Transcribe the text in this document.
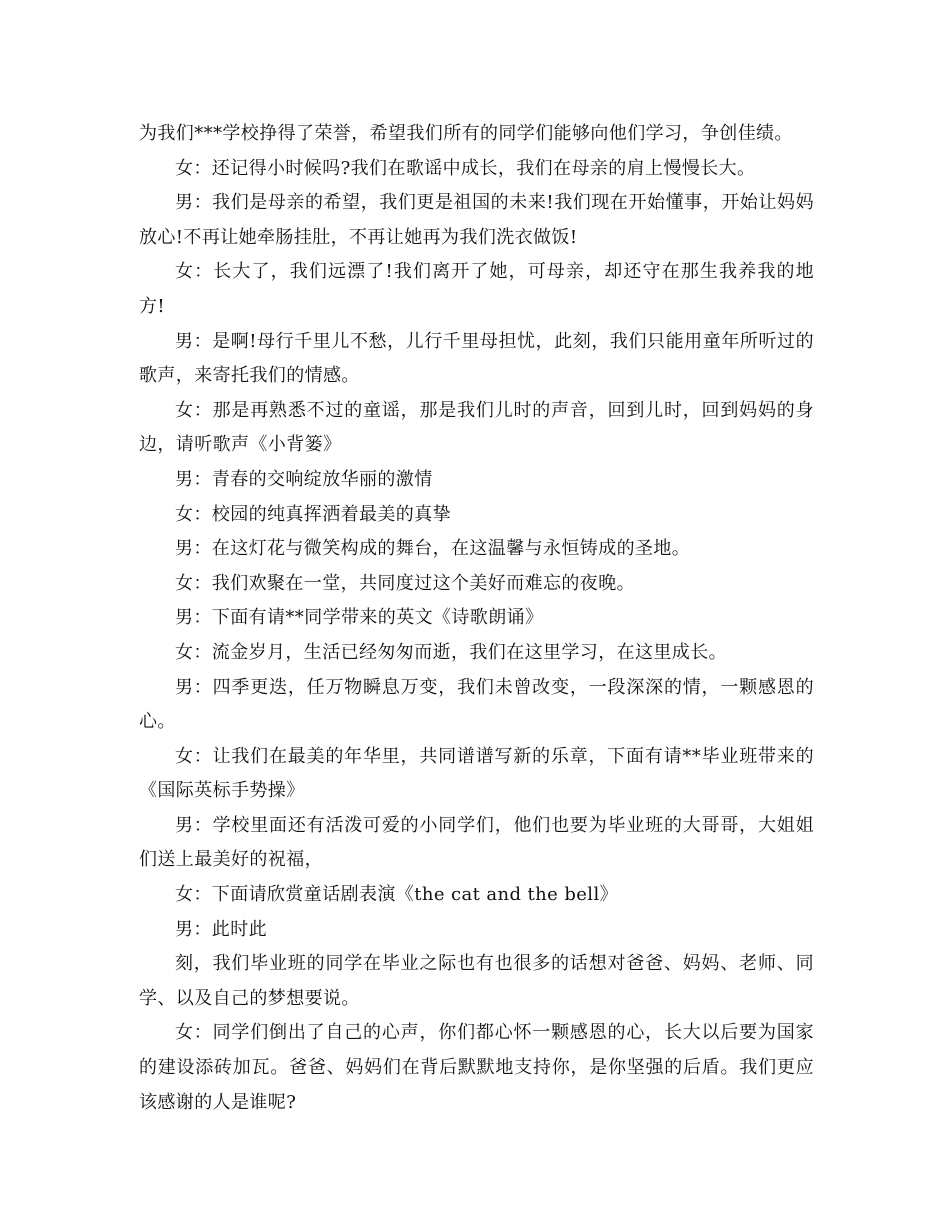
为我们***学校挣得了荣誉，希望我们所有的同学们能够向他们学习，争创佳绩。

女：还记得小时候吗?我们在歌谣中成长，我们在母亲的肩上慢慢长大。

男：我们是母亲的希望，我们更是祖国的未来!我们现在开始懂事，开始让妈妈放心!不再让她牵肠挂肚，不再让她再为我们洗衣做饭!

女：长大了，我们远漂了!我们离开了她，可母亲，却还守在那生我养我的地方!

男：是啊!母行千里儿不愁，儿行千里母担忧，此刻，我们只能用童年所听过的歌声，来寄托我们的情感。

女：那是再熟悉不过的童谣，那是我们儿时的声音，回到儿时，回到妈妈的身边，请听歌声《小背篓》

男：青春的交响绽放华丽的激情

女：校园的纯真挥洒着最美的真挚

男：在这灯花与微笑构成的舞台，在这温馨与永恒铸成的圣地。

女：我们欢聚在一堂，共同度过这个美好而难忘的夜晚。

男：下面有请**同学带来的英文《诗歌朗诵》

女：流金岁月，生活已经匆匆而逝，我们在这里学习，在这里成长。

男：四季更迭，任万物瞬息万变，我们未曾改变，一段深深的情，一颗感恩的心。

女：让我们在最美的年华里，共同谱谱写新的乐章，下面有请**毕业班带来的《国际英标手势操》

男：学校里面还有活泼可爱的小同学们，他们也要为毕业班的大哥哥，大姐姐们送上最美好的祝福，

女：下面请欣赏童话剧表演《the cat and the bell》

男：此时此

刻，我们毕业班的同学在毕业之际也有也很多的话想对爸爸、妈妈、老师、同学、以及自己的梦想要说。

女：同学们倒出了自己的心声，你们都心怀一颗感恩的心，长大以后要为国家的建设添砖加瓦。爸爸、妈妈们在背后默默地支持你，是你坚强的后盾。我们更应该感谢的人是谁呢?
